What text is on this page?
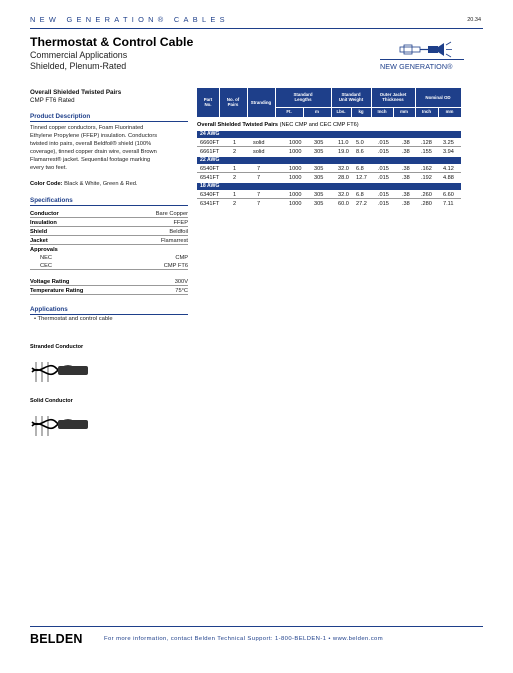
NEW GENERATION® CABLES	20.34
Thermostat & Control Cable
Commercial Applications
Shielded, Plenum-Rated	NEW GENERATION®
Overall Shielded Twisted Pairs
CMP FT6 Rated
Product Description
Tinned copper conductors, Foam Fluorinated
Ethylene Propylene (FFEP) insulation. Conductors
twisted into pairs, overall Beldfoil® shield (100%
coverage), tinned copper drain wire, overall Brown
Flamarrest® jacket. Sequential footage marking
every two feet.
Color Code: Black & White, Green & Red.
Specifications
Conductor	Bare Copper
Insulation	FFEP
Shield	Beldfoil
Jacket	Flamarrest
Approvals
NEC	CMP
CEC	CMP FT6
Voltage Rating	300V
Temperature Rating	75°C
Applications
• Thermostat and control cable
Stranded Conductor
Solid Conductor
Part
No.
No. of
Pairs	Stranding
Standard
Lengths
Standard
Unit Weight
Outer Jacket
Thickness	Nominal OD
Ft.	m	Lbs.	kg	Inch	mm	Inch	mm
Overall Shielded Twisted Pairs (NEC CMP and CEC CMP FT6)
24 AWG
6660FT 1	solid	1000 305	11.0 5.0	.015 .38 .128 3.25
6661FT 2	solid	1000 305	19.0 8.6	.015 .38 .155 3.94
22 AWG
6540FT 1	7	1000 305	32.0 6.8	.015 .38 .162 4.12
6541FT 2	7	1000 305	28.0 12.7 .015 .38 .192 4.88
18 AWG
6340FT 1	7	1000 305	32.0 6.8	.015 .38 .260 6.60
6341FT 2	7	1000 305	60.0 27.2 .015 .38 .280 7.11
BELDEN	For more information, contact Belden Technical Support: 1-800-BELDEN-1 • www.belden.com
